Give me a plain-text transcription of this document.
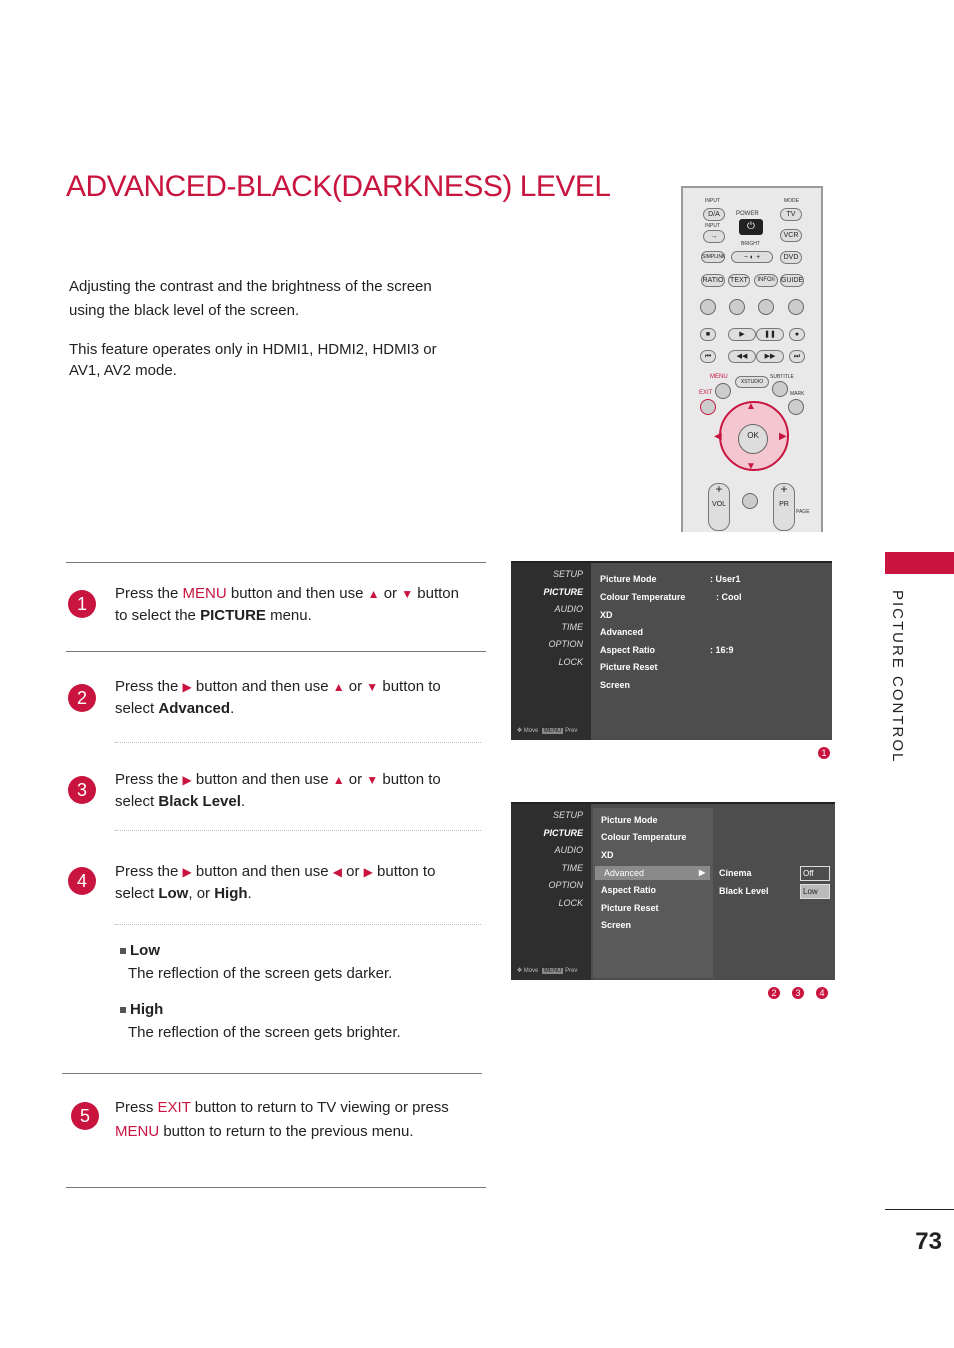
ADVANCED-BLACK(DARKNESS) LEVEL
Adjusting the contrast and the brightness of the screen
using the black level of the screen.
This feature operates only in HDMI1, HDMI2, HDMI3 or
AV1, AV2 mode.
PICTURE CONTROL
73
INPUT	MODE
D/A	POWER
⏻
TV
INPUT
→	VCR
BRIGHT
SIMPLINK	− ◐ +	DVD
RATIO TEXT	INFO/i GUIDE
■	▶	❚❚	●
⏮	◀◀	▶▶	⏭
MENU
XSTUDIO
SUBTITLE
EXIT	MARK
▲
▼
◀	▶
OK
+
VOL
+
PR
PAGE
1
Press the MENU button and then use ▲ or ▼ button
to select the PICTURE menu.
2
Press the ▶ button and then use ▲ or ▼ button to
select Advanced.
3
Press the ▶ button and then use ▲ or ▼ button to
select Black Level.
4	Press the ▶ button and then use ◀ or ▶ button to
select Low, or High.
Low
The reflection of the screen gets darker.
High
The reflection of the screen gets brighter.
5	Press EXIT button to return to TV viewing or press
MENU button to return to the previous menu.
SETUP
PICTURE
AUDIO
TIME
OPTION
LOCK
✥ Move MENU Prev
Picture Mode	: User1
Colour Temperature	: Cool
XD
Advanced
Aspect Ratio	: 16:9
Picture Reset
Screen
1
SETUP
PICTURE
AUDIO
TIME
OPTION
LOCK
✥ Move MENU Prev
Picture Mode
Colour Temperature
XD
Advanced	▶
Aspect Ratio
Picture Reset
Screen
Cinema
Black Level
Off
Low
2	3	4
